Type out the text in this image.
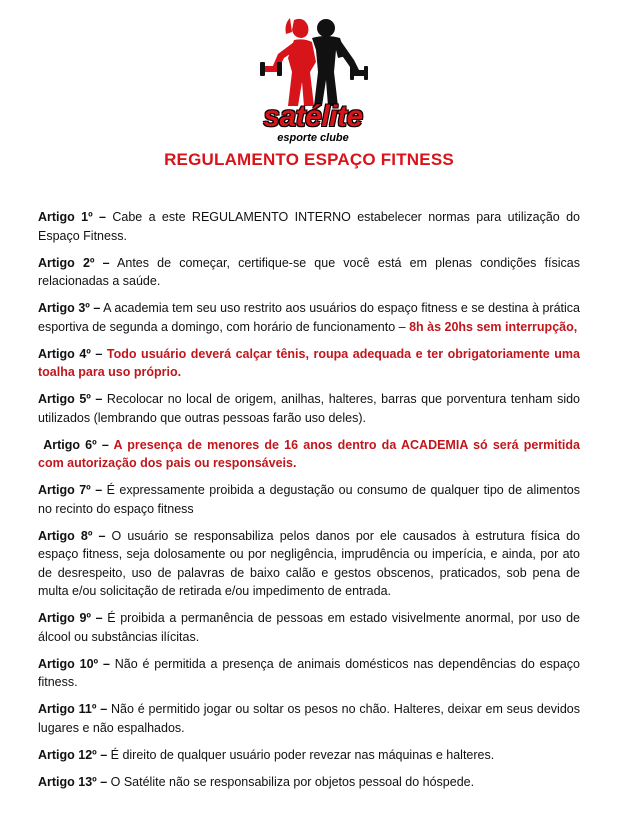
satélite
esporte clube
REGULAMENTO ESPAÇO FITNESS

Artigo 1º – Cabe a este REGULAMENTO INTERNO estabelecer normas para utilização do Espaço Fitness.

Artigo 2º – Antes de começar, certifique-se que você está em plenas condições físicas relacionadas a saúde.

Artigo 3º – A academia tem seu uso restrito aos usuários do espaço fitness e se destina à prática esportiva de segunda a domingo, com horário de funcionamento – 8h às 20hs sem interrupção,

Artigo 4º – Todo usuário deverá calçar tênis, roupa adequada e ter obrigatoriamente uma toalha para uso próprio.

Artigo 5º – Recolocar no local de origem, anilhas, halteres, barras que porventura tenham sido utilizados (lembrando que outras pessoas farão uso deles).

Artigo 6º – A presença de menores de 16 anos dentro da ACADEMIA só será permitida com autorização dos pais ou responsáveis.

Artigo 7º – É expressamente proibida a degustação ou consumo de qualquer tipo de alimentos no recinto do espaço fitness

Artigo 8º – O usuário se responsabiliza pelos danos por ele causados à estrutura física do espaço fitness, seja dolosamente ou por negligência, imprudência ou imperícia, e ainda, por ato de desrespeito, uso de palavras de baixo calão e gestos obscenos, praticados, sob pena de multa e/ou solicitação de retirada e/ou impedimento de entrada.

Artigo 9º – É proibida a permanência de pessoas em estado visivelmente anormal, por uso de álcool ou substâncias ilícitas.

Artigo 10º – Não é permitida a presença de animais domésticos nas dependências do espaço fitness.

Artigo 11º – Não é permitido jogar ou soltar os pesos no chão. Halteres, deixar em seus devidos lugares e não espalhados.

Artigo 12º – É direito de qualquer usuário poder revezar nas máquinas e halteres.

Artigo 13º – O Satélite não se responsabiliza por objetos pessoal do hóspede.
